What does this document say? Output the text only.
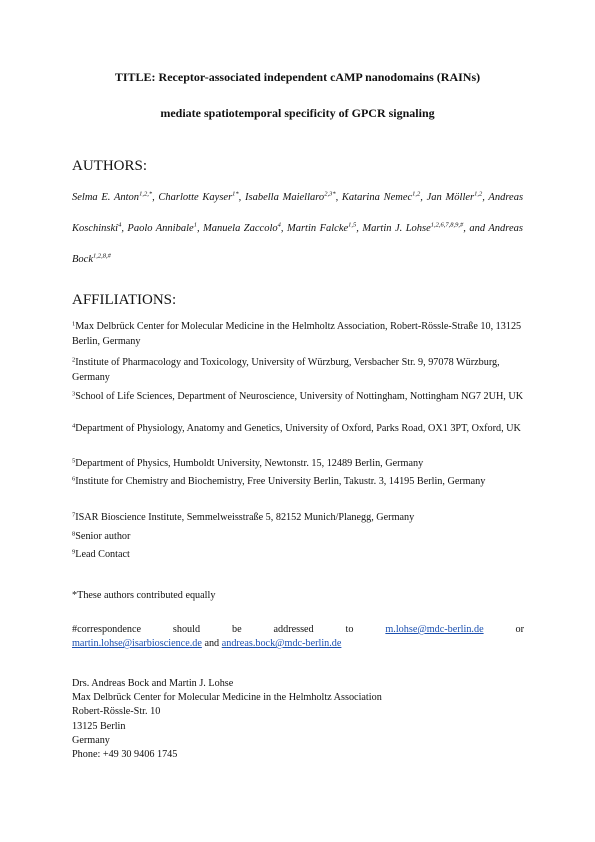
TITLE: Receptor-associated independent cAMP nanodomains (RAINs)
mediate spatiotemporal specificity of GPCR signaling
AUTHORS:
Selma E. Anton$^{1,2,*}$, Charlotte Kayser$^{1*}$, Isabella Maiellaro$^{2,3*}$, Katarina Nemec$^{1,2}$, Jan Möller$^{1,2}$, Andreas Koschinski$^4$, Paolo Annibale$^1$, Manuela Zaccolo$^4$, Martin Falcke$^{1,5}$, Martin J. Lohse$^{1,2,6,7,8,9,\#}$, and Andreas Bock$^{1,2,8,\#}$
AFFILIATIONS:
$^1$Max Delbrück Center for Molecular Medicine in the Helmholtz Association, Robert-Rössle-Straße 10, 13125 Berlin, Germany
$^2$Institute of Pharmacology and Toxicology, University of Würzburg, Versbacher Str. 9, 97078 Würzburg, Germany
$^3$School of Life Sciences, Department of Neuroscience, University of Nottingham, Nottingham NG7 2UH, UK
$^4$Department of Physiology, Anatomy and Genetics, University of Oxford, Parks Road, OX1 3PT, Oxford, UK
$^5$Department of Physics, Humboldt University, Newtonstr. 15, 12489 Berlin, Germany
$^6$Institute for Chemistry and Biochemistry, Free University Berlin, Takustr. 3, 14195 Berlin, Germany
$^7$ISAR Bioscience Institute, Semmelweisstraße 5, 82152 Munich/Planegg, Germany
$^8$Senior author
$^9$Lead Contact
*These authors contributed equally
#correspondence	should	be	addressed	to	m.lohse@mdc-berlin.de	or
martin.lohse@isarbioscience.de and andreas.bock@mdc-berlin.de
Drs. Andreas Bock and Martin J. Lohse
Max Delbrück Center for Molecular Medicine in the Helmholtz Association
Robert-Rössle-Str. 10
13125 Berlin
Germany
Phone: +49 30 9406 1745
